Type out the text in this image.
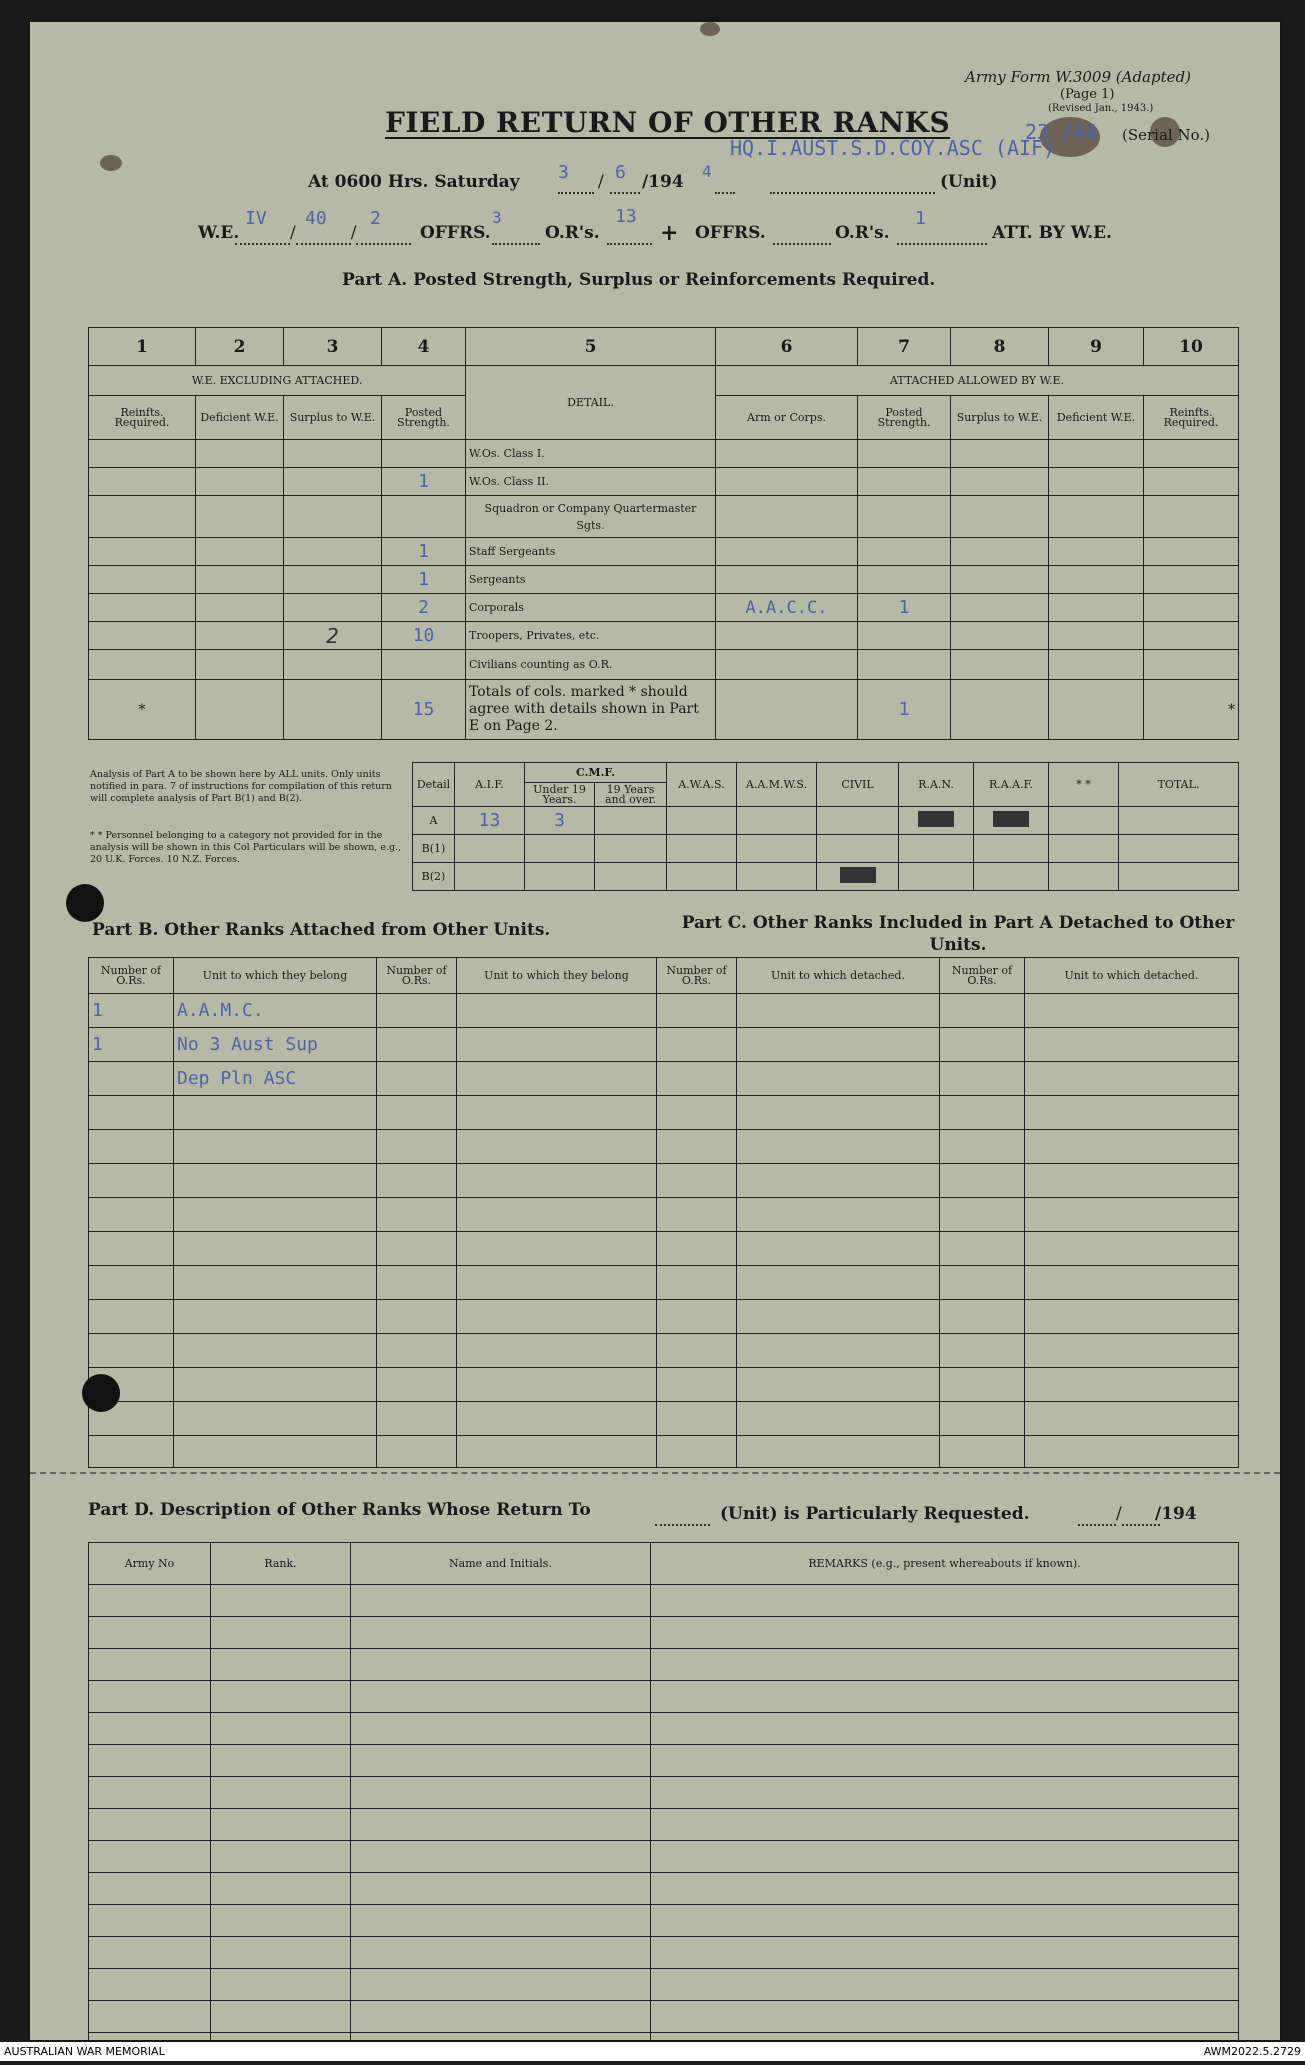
Army Form W.3009 (Adapted)
(Page 1)
(Revised Jan., 1943.)
23 /44 (Serial No.)
FIELD RETURN OF OTHER RANKS
At 0600 Hrs. Saturday
3 /
6 /194
4

HQ.I.AUST.S.D.COY.ASC (AIF)
(Unit)
W.E.	/	/
IV 40 2
OFFRS.

3
O.R's.

13
+ OFFRS.
	O.R's.

1
ATT. BY W.E.
Part A. Posted Strength, Surplus or Reinforcements Required.
1	2	3	4	5	6	7	8	9	10
W.E. EXCLUDING ATTACHED.				DETAIL.	ATTACHED ALLOWED BY W.E.				
Reinfts. Required.	Deficient W.E.	Surplus to W.E.	Posted Strength.		Arm or Corps.	Posted Strength.	Surplus to W.E.	Deficient W.E.	Reinfts. Required.
				W.Os. Class I.					
			1	W.Os. Class II.					
				Squadron or Company Quartermaster Sgts.					
			1	Staff Sergeants					
			1	Sergeants					
			2	Corporals	A.A.C.C.	1			
		2	10	Troopers, Privates, etc.					
				Civilians counting as O.R.					
*			15	Totals of cols. marked * should agree with details shown in Part E on Page 2.		1			*
Analysis of Part A to be shown here by ALL units. Only units notified in para. 7 of instructions for compilation of this return will complete analysis of Part B(1) and B(2).
* * Personnel belonging to a category not provided for in the analysis will be shown in this Col Particulars will be shown, e.g., 20 U.K. Forces. 10 N.Z. Forces.
Detail	A.I.F.	C.M.F.		A.W.A.S.	A.A.M.W.S.	CIVIL	R.A.N.	R.A.A.F.	* *	TOTAL.
		Under 19 Years.	19 Years and over.							
A	13	3								
B(1)										
B(2)										
Part B. Other Ranks Attached from Other Units.	Part C. Other Ranks Included in Part A Detached to Other Units.
Number of O.Rs.	Unit to which they belong	Number of O.Rs.	Unit to which they belong	Number of O.Rs.	Unit to which detached.	Number of O.Rs.	Unit to which detached.
1	A.A.M.C.						
1	No 3 Aust Sup						
	Dep Pln ASC						

Part D. Description of Other Ranks Whose Return To
	(Unit) is Particularly Requested.	/	/194
Army No	Rank.	Name and Initials.	REMARKS (e.g., present whereabouts if known).

AUSTRALIAN WAR MEMORIAL	AWM2022.5.2729
